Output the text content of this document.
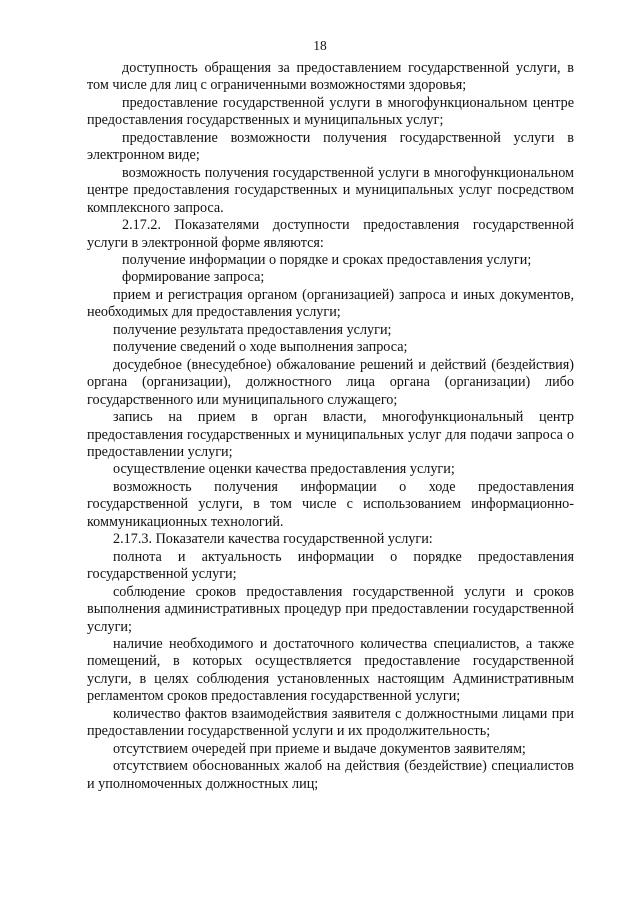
18

доступность обращения за предоставлением государственной услуги, в том числе для лиц с ограниченными возможностями здоровья;

предоставление государственной услуги в многофункциональном центре предоставления государственных и муниципальных услуг;

предоставление возможности получения государственной услуги в электронном виде;

возможность получения государственной услуги в многофункциональном центре предоставления государственных и муниципальных услуг посредством комплексного запроса.

2.17.2. Показателями доступности предоставления государственной услуги в электронной форме являются:

получение информации о порядке и сроках предоставления услуги;

формирование запроса;

прием и регистрация органом (организацией) запроса и иных документов, необходимых для предоставления услуги;

получение результата предоставления услуги;

получение сведений о ходе выполнения запроса;

досудебное (внесудебное) обжалование решений и действий (бездействия) органа (организации), должностного лица органа (организации) либо государственного или муниципального служащего;

запись на прием в орган власти, многофункциональный центр предоставления государственных и муниципальных услуг для подачи запроса о предоставлении услуги;

осуществление оценки качества предоставления услуги;

возможность получения информации о ходе предоставления государственной услуги, в том числе с использованием информационно-коммуникационных технологий.

2.17.3. Показатели качества государственной услуги:

полнота и актуальность информации о порядке предоставления государственной услуги;

соблюдение сроков предоставления государственной услуги и сроков выполнения административных процедур при предоставлении государственной услуги;

наличие необходимого и достаточного количества специалистов, а также помещений, в которых осуществляется предоставление государственной услуги, в целях соблюдения установленных настоящим Административным регламентом сроков предоставления государственной услуги;

количество фактов взаимодействия заявителя с должностными лицами при предоставлении государственной услуги и их продолжительность;

отсутствием очередей при приеме и выдаче документов заявителям;

отсутствием обоснованных жалоб на действия (бездействие) специалистов и уполномоченных должностных лиц;
